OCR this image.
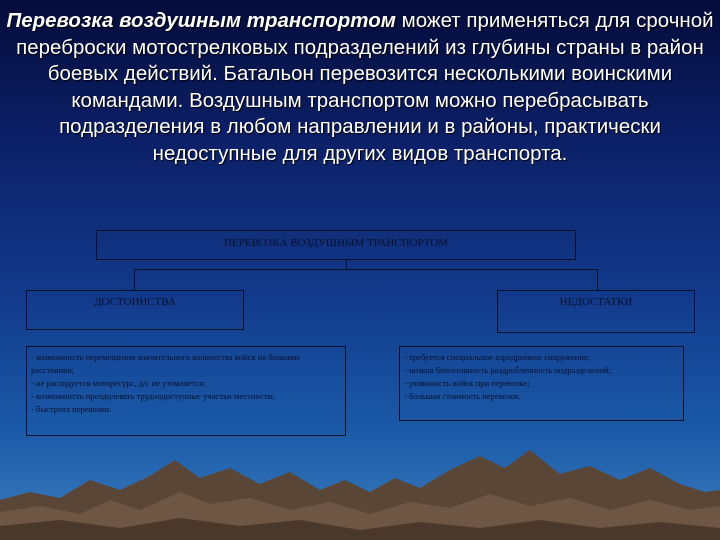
Перевозка воздушным транспортом может применяться для срочной переброски мотострелковых подразделений из глубины страны в район боевых действий. Батальон перевозится несколькими воинскими командами. Воздушным транспортом можно перебрасывать подразделения в любом направлении и в районы, практически недоступные для других видов транспорта.
ПЕРЕВОЗКА ВОЗДУШНЫМ ТРАНСПОРТОМ
ДОСТОИНСТВА	НЕДОСТАТКИ
- возможность перемещения значительного количества войск на большие расстояния;
- не расходуется моторесурс, д/с не утомляется;
- возможность преодолевать труднодоступные участки местности;
- быстрота перевозки.
- требуется специальное аэродромное сооружение;
- низкая боеготовность раздробленность подразделений;
- уязвимость войск при перевозке;
- большая стоимость перевозок.
